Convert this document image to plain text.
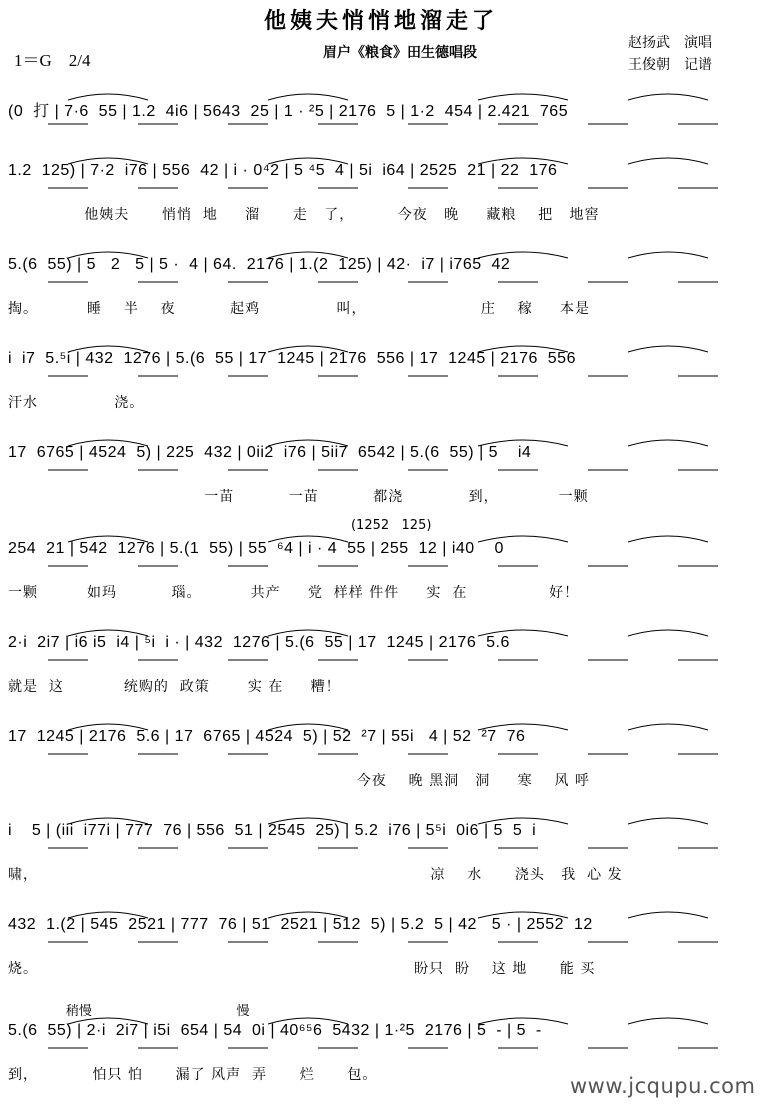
他姨夫悄悄地溜走了
眉户《粮食》田生德唱段
1＝G　2/4
赵扬武　演唱
王俊朝　记谱
(0  打 | 7·6  55 | 1.2  4i6 | 5643  25 | 1 · ²5 | 2176  5 | 1·2  454 | 2.421  765
1.2  125) | 7·2  i76 | 556  42 | i · 0⁴2 | 5 ⁴5  4 | 5i  i64 | 2525  21 | 22  176
他姨夫      悄悄  地     溜      走   了，        今夜   晚     藏粮    把   地窖
5.(6  55) | 5   2   5 | 5 ·  4 | 64.  2176 | 1.(2  125) | 42·  i7 | i765  42
掏。         睡    半    夜          起鸡              叫，                     庄    稼     本是
i  i7  5.⁵i | 432  1276 | 5.(6  55 | 17  1245 | 2176  556 | 17  1245 | 2176  556
汗水              浇。
17  6765 | 4524  5) | 225  432 | 0ii2  i76 | 5ii7  6542 | 5.(6  55) | 5    i4
一苗          一苗          都浇            到，           一颗
(1252   125)
254  21 | 542  1276 | 5.(1  55) | 55  ⁶4 | i · 4  55 | 255  12 | i40    0
一颗         如玛          瑙。         共产     党  样样 件件     实  在               好！
2·i  2i7 | i6 i5  i4 | ⁵i  i · | 432  1276 | 5.(6  55 | 17  1245 | 2176  5.6
就是  这           统购的  政策       实 在     糟！
17  1245 | 2176  5.6 | 17  6765 | 4524  5) | 52  ²7 | 55i   4 | 52  ²7  76
今夜    晚 黑洞   洞     寒    风 呼
i    5 | (iii  i77i | 777  76 | 556  51 | 2545  25) | 5.2  i76 | 5⁵i  0i6 | 5  5  i
啸，                                                                        凉    水      浇头   我  心 发
432  1.(2 | 545  2521 | 777  76 | 51  2521 | 512  5) | 5.2  5 | 42   5 · | 2552  12
烧。                                                                     盼只  盼    这 地      能 买
稍慢                                   慢
5.(6  55) | 2·i  2i7 | i5i  654 | 54  0i | 40⁶⁵6  5432 | 1·²5  2176 | 5  - | 5  -
到，          怕只 怕      漏了 风声  弄      烂      包。	www.jcqupu.com
